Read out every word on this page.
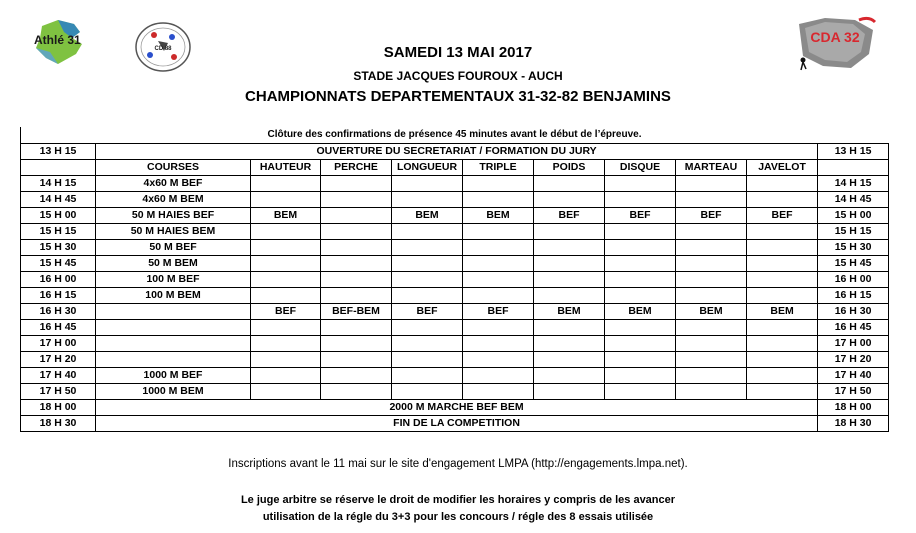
Athlé 31
CD 88
CDA 32
SAMEDI 13 MAI 2017
STADE JACQUES FOUROUX - AUCH
CHAMPIONNATS DEPARTEMENTAUX 31-32-82 BENJAMINS
Clôture des confirmations de présence 45 minutes avant le début de l’épreuve.
13 H 15	OUVERTURE DU SECRETARIAT / FORMATION DU JURY									13 H 15
	COURSES	HAUTEUR	PERCHE	LONGUEUR	TRIPLE	POIDS	DISQUE	MARTEAU	JAVELOT	
14 H 15	4x60 M BEF									14 H 15
14 H 45	4x60 M BEM									14 H 45
15 H 00	50 M HAIES BEF	BEM		BEM	BEM	BEF	BEF	BEF	BEF	15 H 00
15 H 15	50 M HAIES BEM									15 H 15
15 H 30	50 M BEF									15 H 30
15 H 45	50 M BEM									15 H 45
16 H 00	100 M BEF									16 H 00
16 H 15	100 M BEM									16 H 15
16 H 30		BEF	BEF-BEM	BEF	BEF	BEM	BEM	BEM	BEM	16 H 30
16 H 45										16 H 45
17 H 00										17 H 00
17 H 20										17 H 20
17 H 40	1000 M BEF									17 H 40
17 H 50	1000 M BEM									17 H 50
18 H 00	2000 M MARCHE BEF BEM									18 H 00
18 H 30	FIN DE LA COMPETITION									18 H 30
Inscriptions avant le 11 mai sur le site d'engagement LMPA (http://engagements.lmpa.net).
Le juge arbitre se réserve le droit de modifier les horaires y compris de les avancer
utilisation de la régle du 3+3 pour les concours / régle des 8 essais utilisée
